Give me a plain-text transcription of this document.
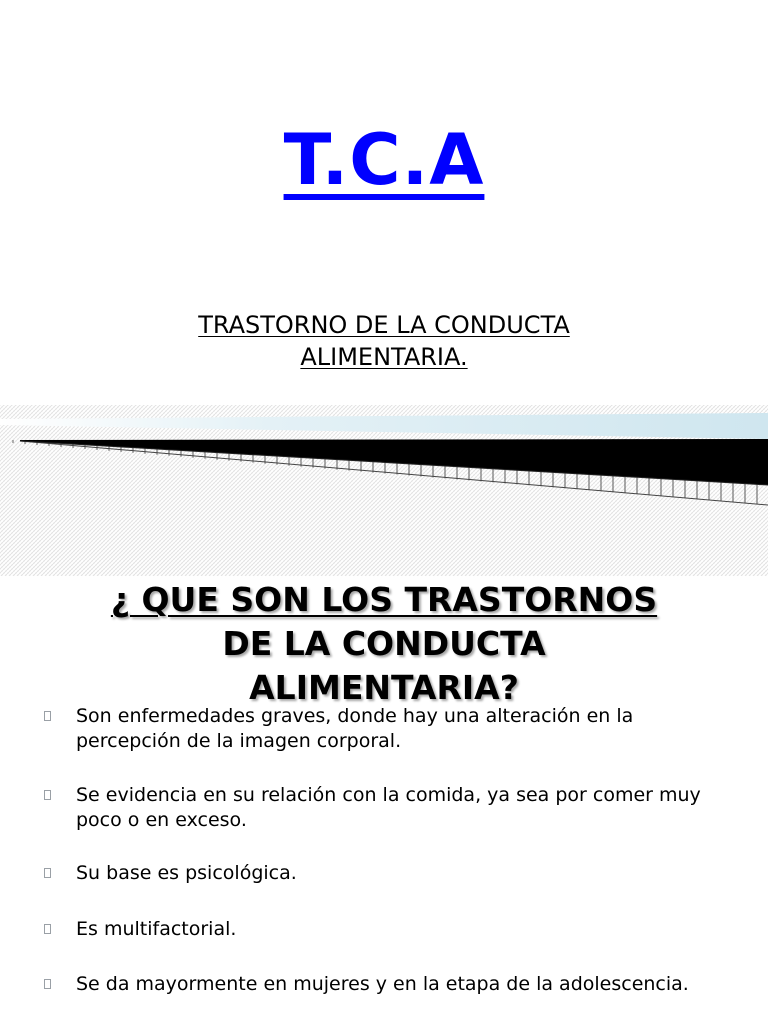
T.C.A
TRASTORNO DE LA CONDUCTA
ALIMENTARIA.
¿ QUE SON LOS TRASTORNOS
DE LA CONDUCTA
ALIMENTARIA?
Son enfermedades graves, donde hay una alteración en la percepción de la imagen corporal.
Se evidencia en su relación con la comida, ya sea por comer muy poco o en exceso.
Su base es psicológica.
Es multifactorial.
Se da mayormente en mujeres y en la etapa de la adolescencia.
